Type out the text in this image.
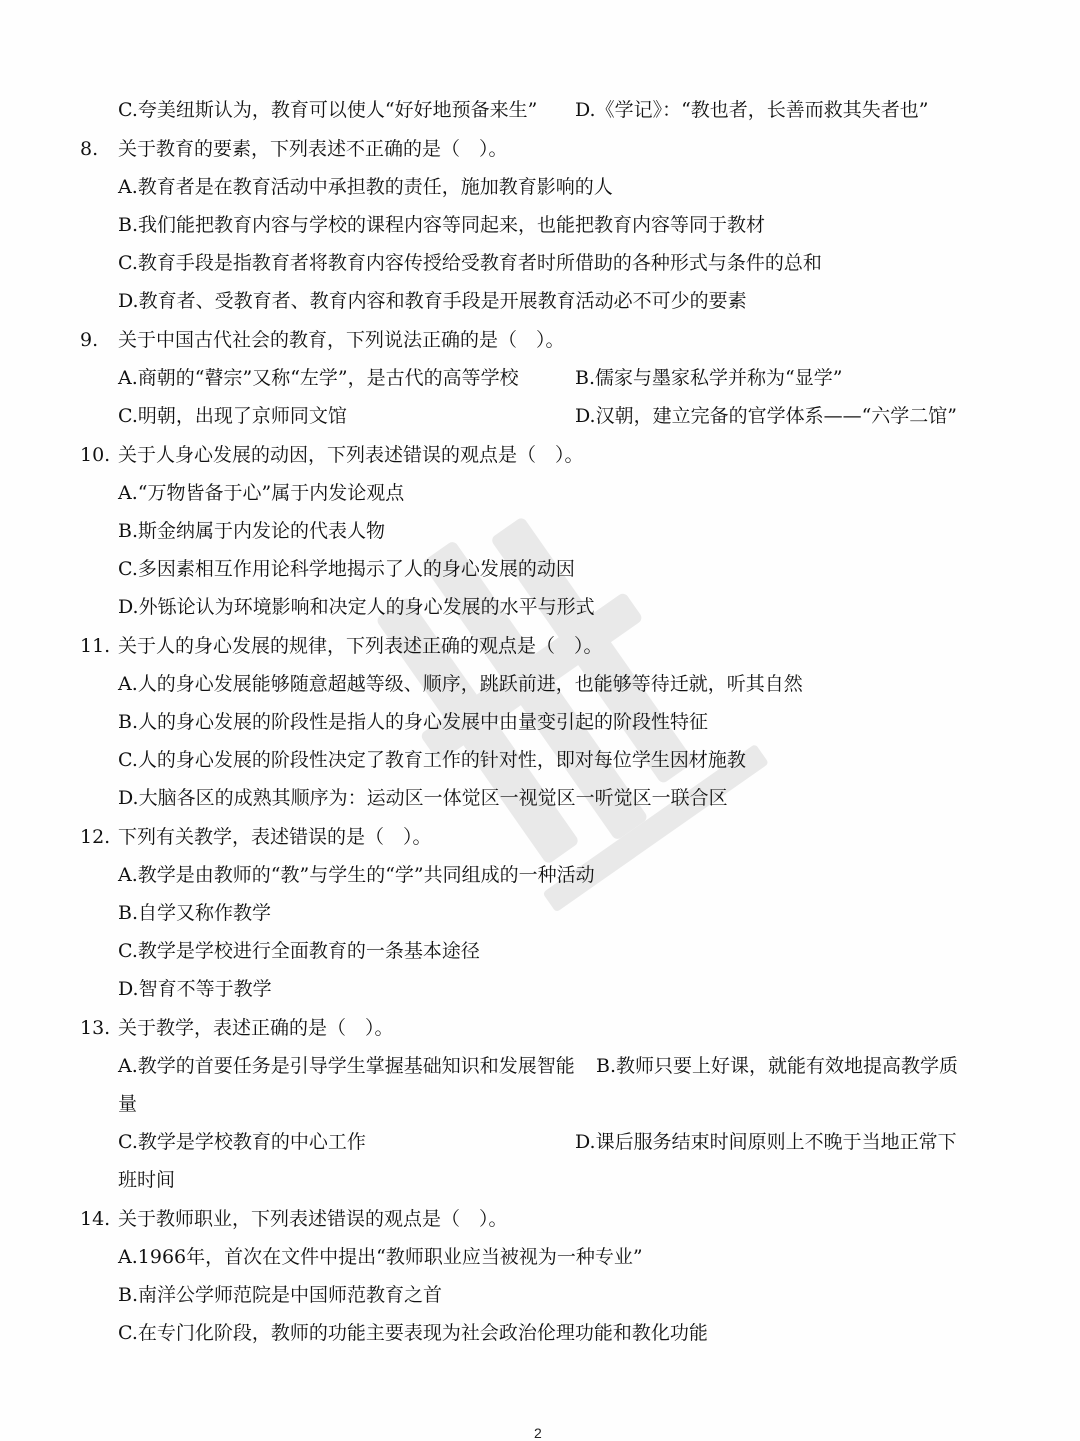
C.夸美纽斯认为，教育可以使人“好好地预备来生” D.《学记》：“教也者，长善而救其失者也”
8. 关于教育的要素，下列表述不正确的是（　）。
A.教育者是在教育活动中承担教的责任，施加教育影响的人
B.我们能把教育内容与学校的课程内容等同起来，也能把教育内容等同于教材
C.教育手段是指教育者将教育内容传授给受教育者时所借助的各种形式与条件的总和
D.教育者、受教育者、教育内容和教育手段是开展教育活动必不可少的要素
9. 关于中国古代社会的教育，下列说法正确的是（　）。
A.商朝的“瞽宗”又称“左学”，是古代的高等学校	B.儒家与墨家私学并称为“显学”
C.明朝，出现了京师同文馆	D.汉朝，建立完备的官学体系——“六学二馆”
10. 关于人身心发展的动因，下列表述错误的观点是（　）。
A.“万物皆备于心”属于内发论观点
B.斯金纳属于内发论的代表人物
C.多因素相互作用论科学地揭示了人的身心发展的动因
D.外铄论认为环境影响和决定人的身心发展的水平与形式
11. 关于人的身心发展的规律，下列表述正确的观点是（　）。
A.人的身心发展能够随意超越等级、顺序，跳跃前进，也能够等待迁就，听其自然
B.人的身心发展的阶段性是指人的身心发展中由量变引起的阶段性特征
C.人的身心发展的阶段性决定了教育工作的针对性，即对每位学生因材施教
D.大脑各区的成熟其顺序为：运动区一体觉区一视觉区一听觉区一联合区
12. 下列有关教学，表述错误的是（　）。
A.教学是由教师的“教”与学生的“学”共同组成的一种活动
B.自学又称作教学
C.教学是学校进行全面教育的一条基本途径
D.智育不等于教学
13. 关于教学，表述正确的是（　）。
A.教学的首要任务是引导学生掌握基础知识和发展智能 B.教师只要上好课，就能有效地提高教学质
量
C.教学是学校教育的中心工作	D.课后服务结束时间原则上不晚于当地正常下
班时间
14. 关于教师职业，下列表述错误的观点是（　）。
A.1966年，首次在文件中提出“教师职业应当被视为一种专业”
B.南洋公学师范院是中国师范教育之首
C.在专门化阶段，教师的功能主要表现为社会政治伦理功能和教化功能
2
